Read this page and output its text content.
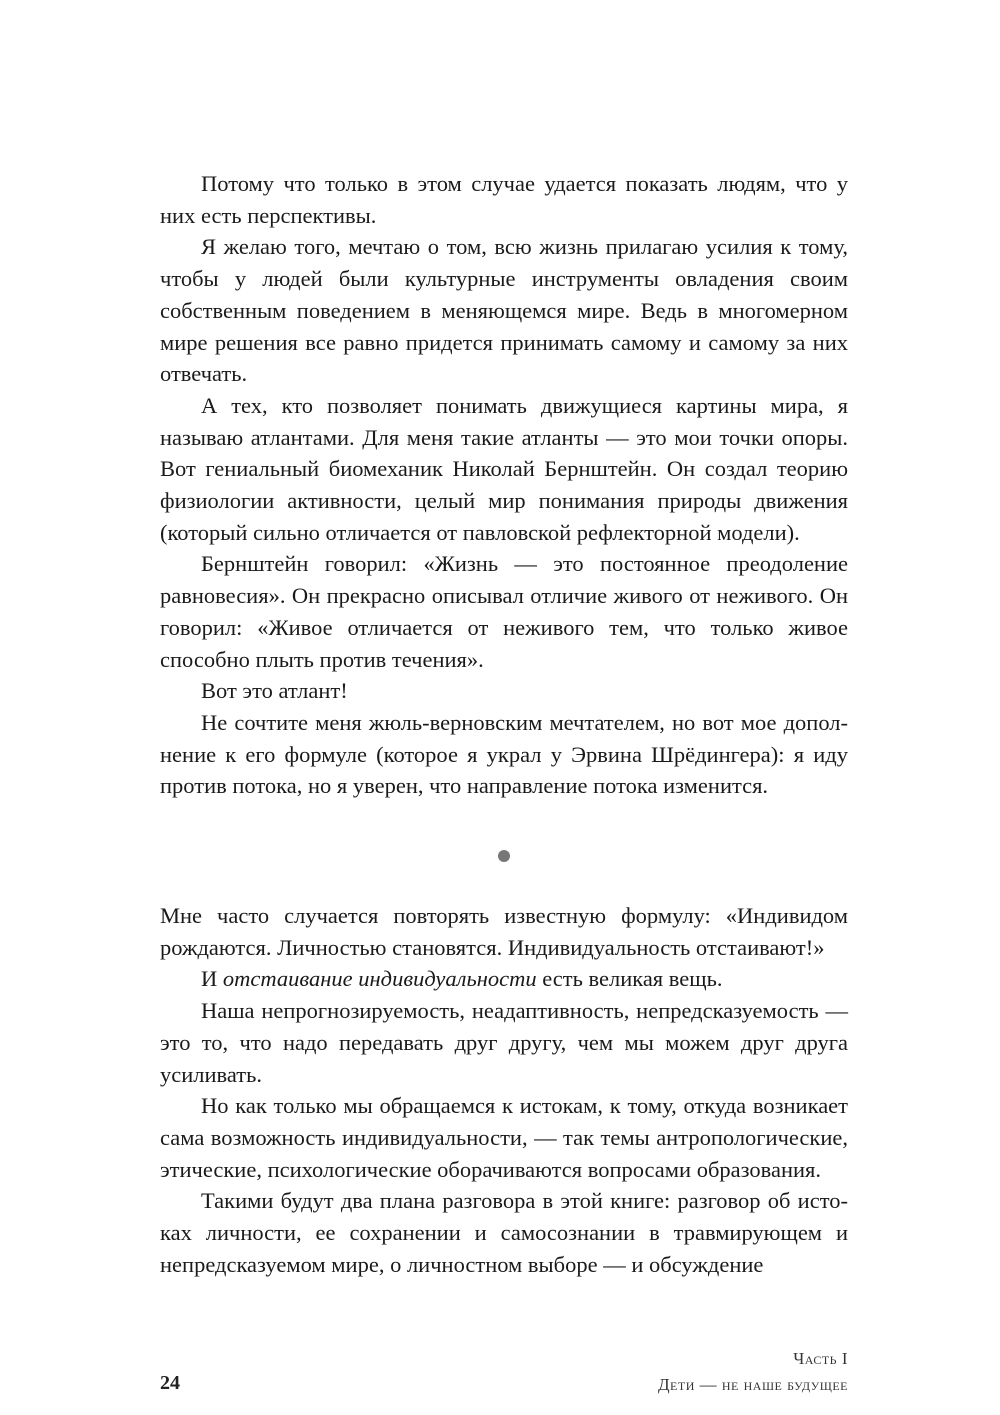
Потому что только в этом случае удается показать людям, что у них есть перспективы.

Я желаю того, мечтаю о том, всю жизнь прилагаю усилия к тому, чтобы у людей были культурные инструменты овладения своим собственным поведением в меняющемся мире. Ведь в многомерном мире решения все равно придется принимать самому и самому за них отвечать.

А тех, кто позволяет понимать движущиеся картины мира, я называю атлантами. Для меня такие атланты — это мои точки опоры. Вот гениальный биомеханик Николай Бернштейн. Он создал теорию физиологии активности, целый мир понимания природы движения (который сильно отличается от павловской рефлекторной модели).

Бернштейн говорил: «Жизнь — это постоянное преодоление равновесия». Он прекрасно описывал отличие живого от неживого. Он говорил: «Живое отличается от неживого тем, что только живое способно плыть против течения».

Вот это атлант!

Не сочтите меня жюль-верновским мечтателем, но вот мое дополнение к его формуле (которое я украл у Эрвина Шрёдингера): я иду против потока, но я уверен, что направление потока изменится.

Мне часто случается повторять известную формулу: «Индивидом рождаются. Личностью становятся. Индивидуальность отстаивают!»

И отстаивание индивидуальности есть великая вещь.

Наша непрогнозируемость, неадаптивность, непредсказуемость — это то, что надо передавать друг другу, чем мы можем друг друга усиливать.

Но как только мы обращаемся к истокам, к тому, откуда возникает сама возможность индивидуальности, — так темы антропологические, этические, психологические оборачиваются вопросами образования.

Такими будут два плана разговора в этой книге: разговор об истоках личности, ее сохранении и самосознании в травмирующем и непредсказуемом мире, о личностном выборе — и обсуждение

24
Часть I
Дети — не наше будущее
